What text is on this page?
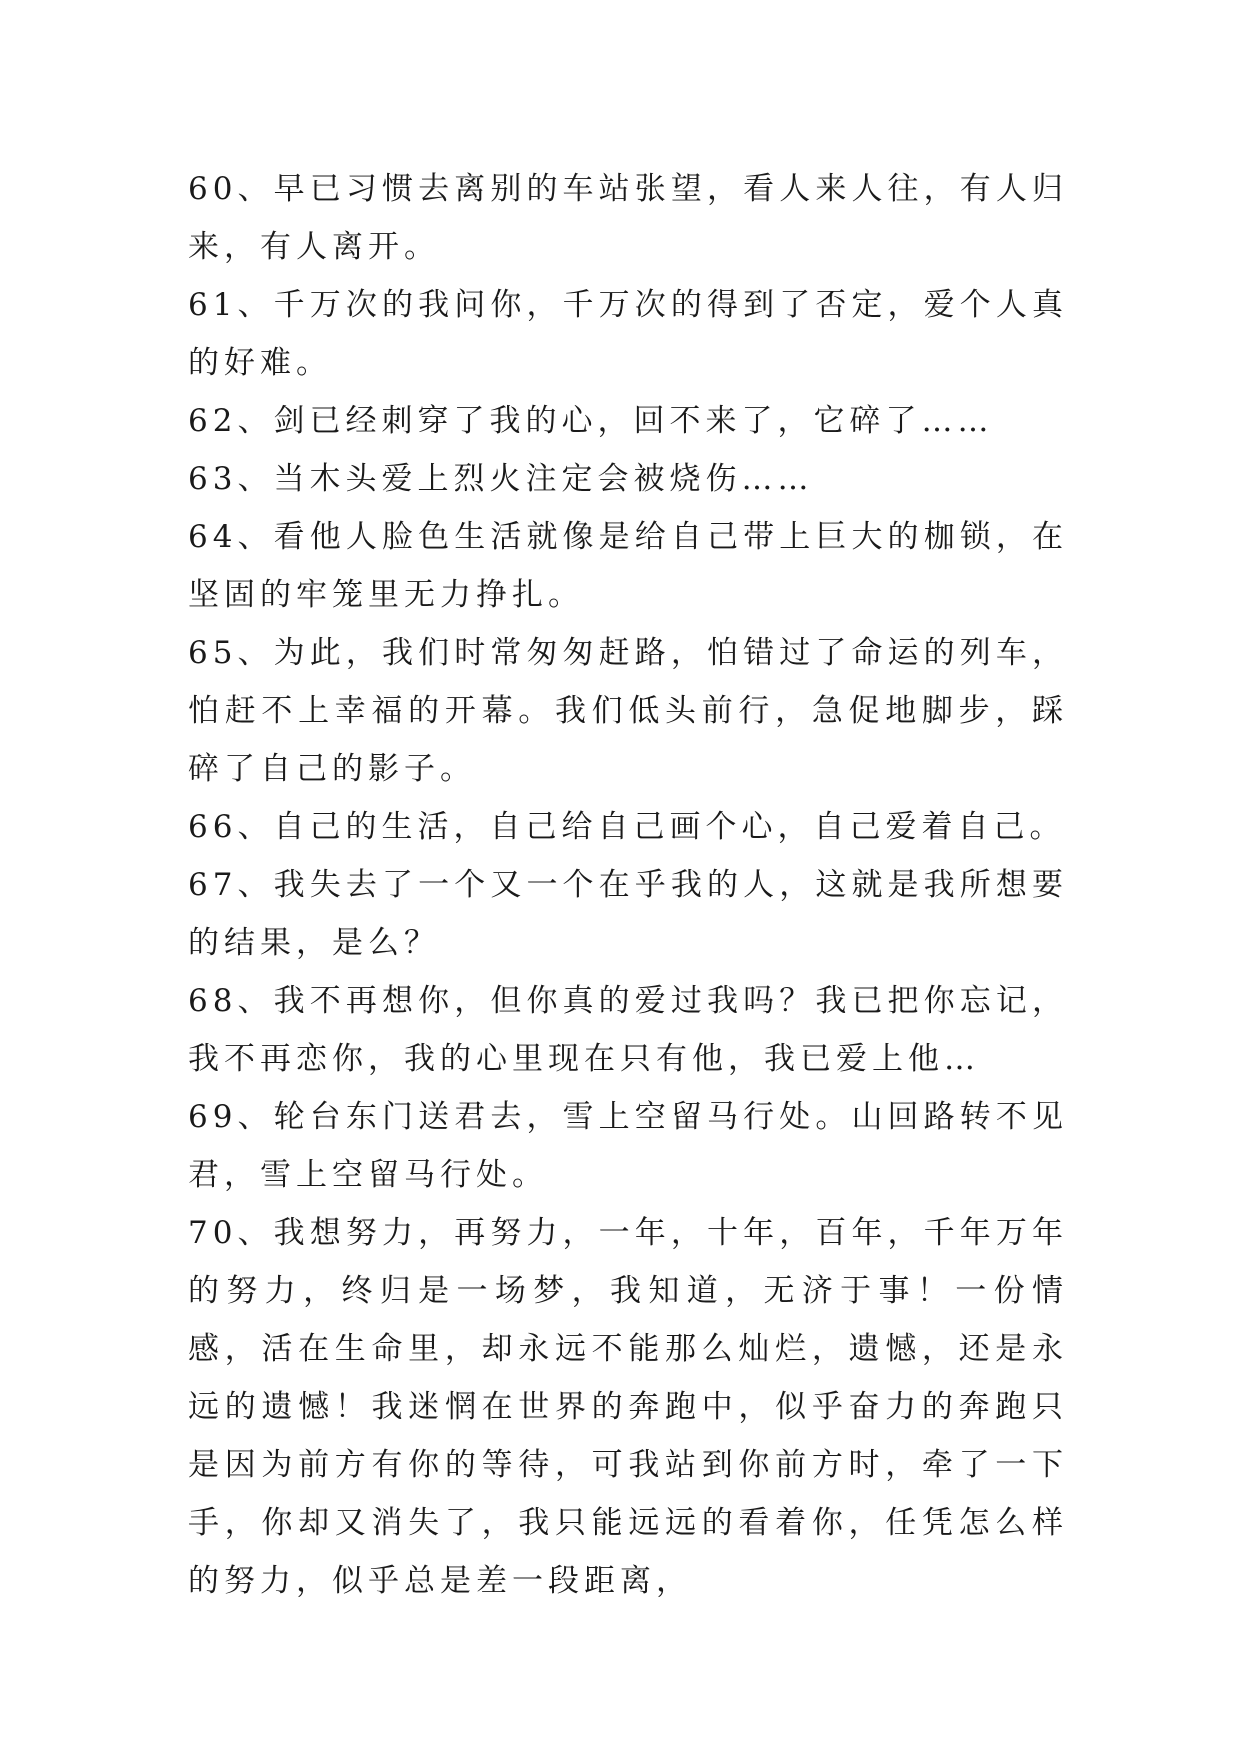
60、早已习惯去离别的车站张望，看人来人往，有人归来，有人离开。

61、千万次的我问你，千万次的得到了否定，爱个人真的好难。

62、剑已经刺穿了我的心，回不来了，它碎了……

63、当木头爱上烈火注定会被烧伤……

64、看他人脸色生活就像是给自己带上巨大的枷锁，在坚固的牢笼里无力挣扎。

65、为此，我们时常匆匆赶路，怕错过了命运的列车，怕赶不上幸福的开幕。我们低头前行，急促地脚步，踩碎了自己的影子。

66、自己的生活，自己给自己画个心，自己爱着自己。

67、我失去了一个又一个在乎我的人，这就是我所想要的结果，是么？

68、我不再想你，但你真的爱过我吗？我已把你忘记，我不再恋你，我的心里现在只有他，我已爱上他…

69、轮台东门送君去，雪上空留马行处。山回路转不见君，雪上空留马行处。

70、我想努力，再努力，一年，十年，百年，千年万年的努力，终归是一场梦，我知道，无济于事！一份情感，活在生命里，却永远不能那么灿烂，遗憾，还是永远的遗憾！我迷惘在世界的奔跑中，似乎奋力的奔跑只是因为前方有你的等待，可我站到你前方时，牵了一下手，你却又消失了，我只能远远的看着你，任凭怎么样的努力，似乎总是差一段距离，
